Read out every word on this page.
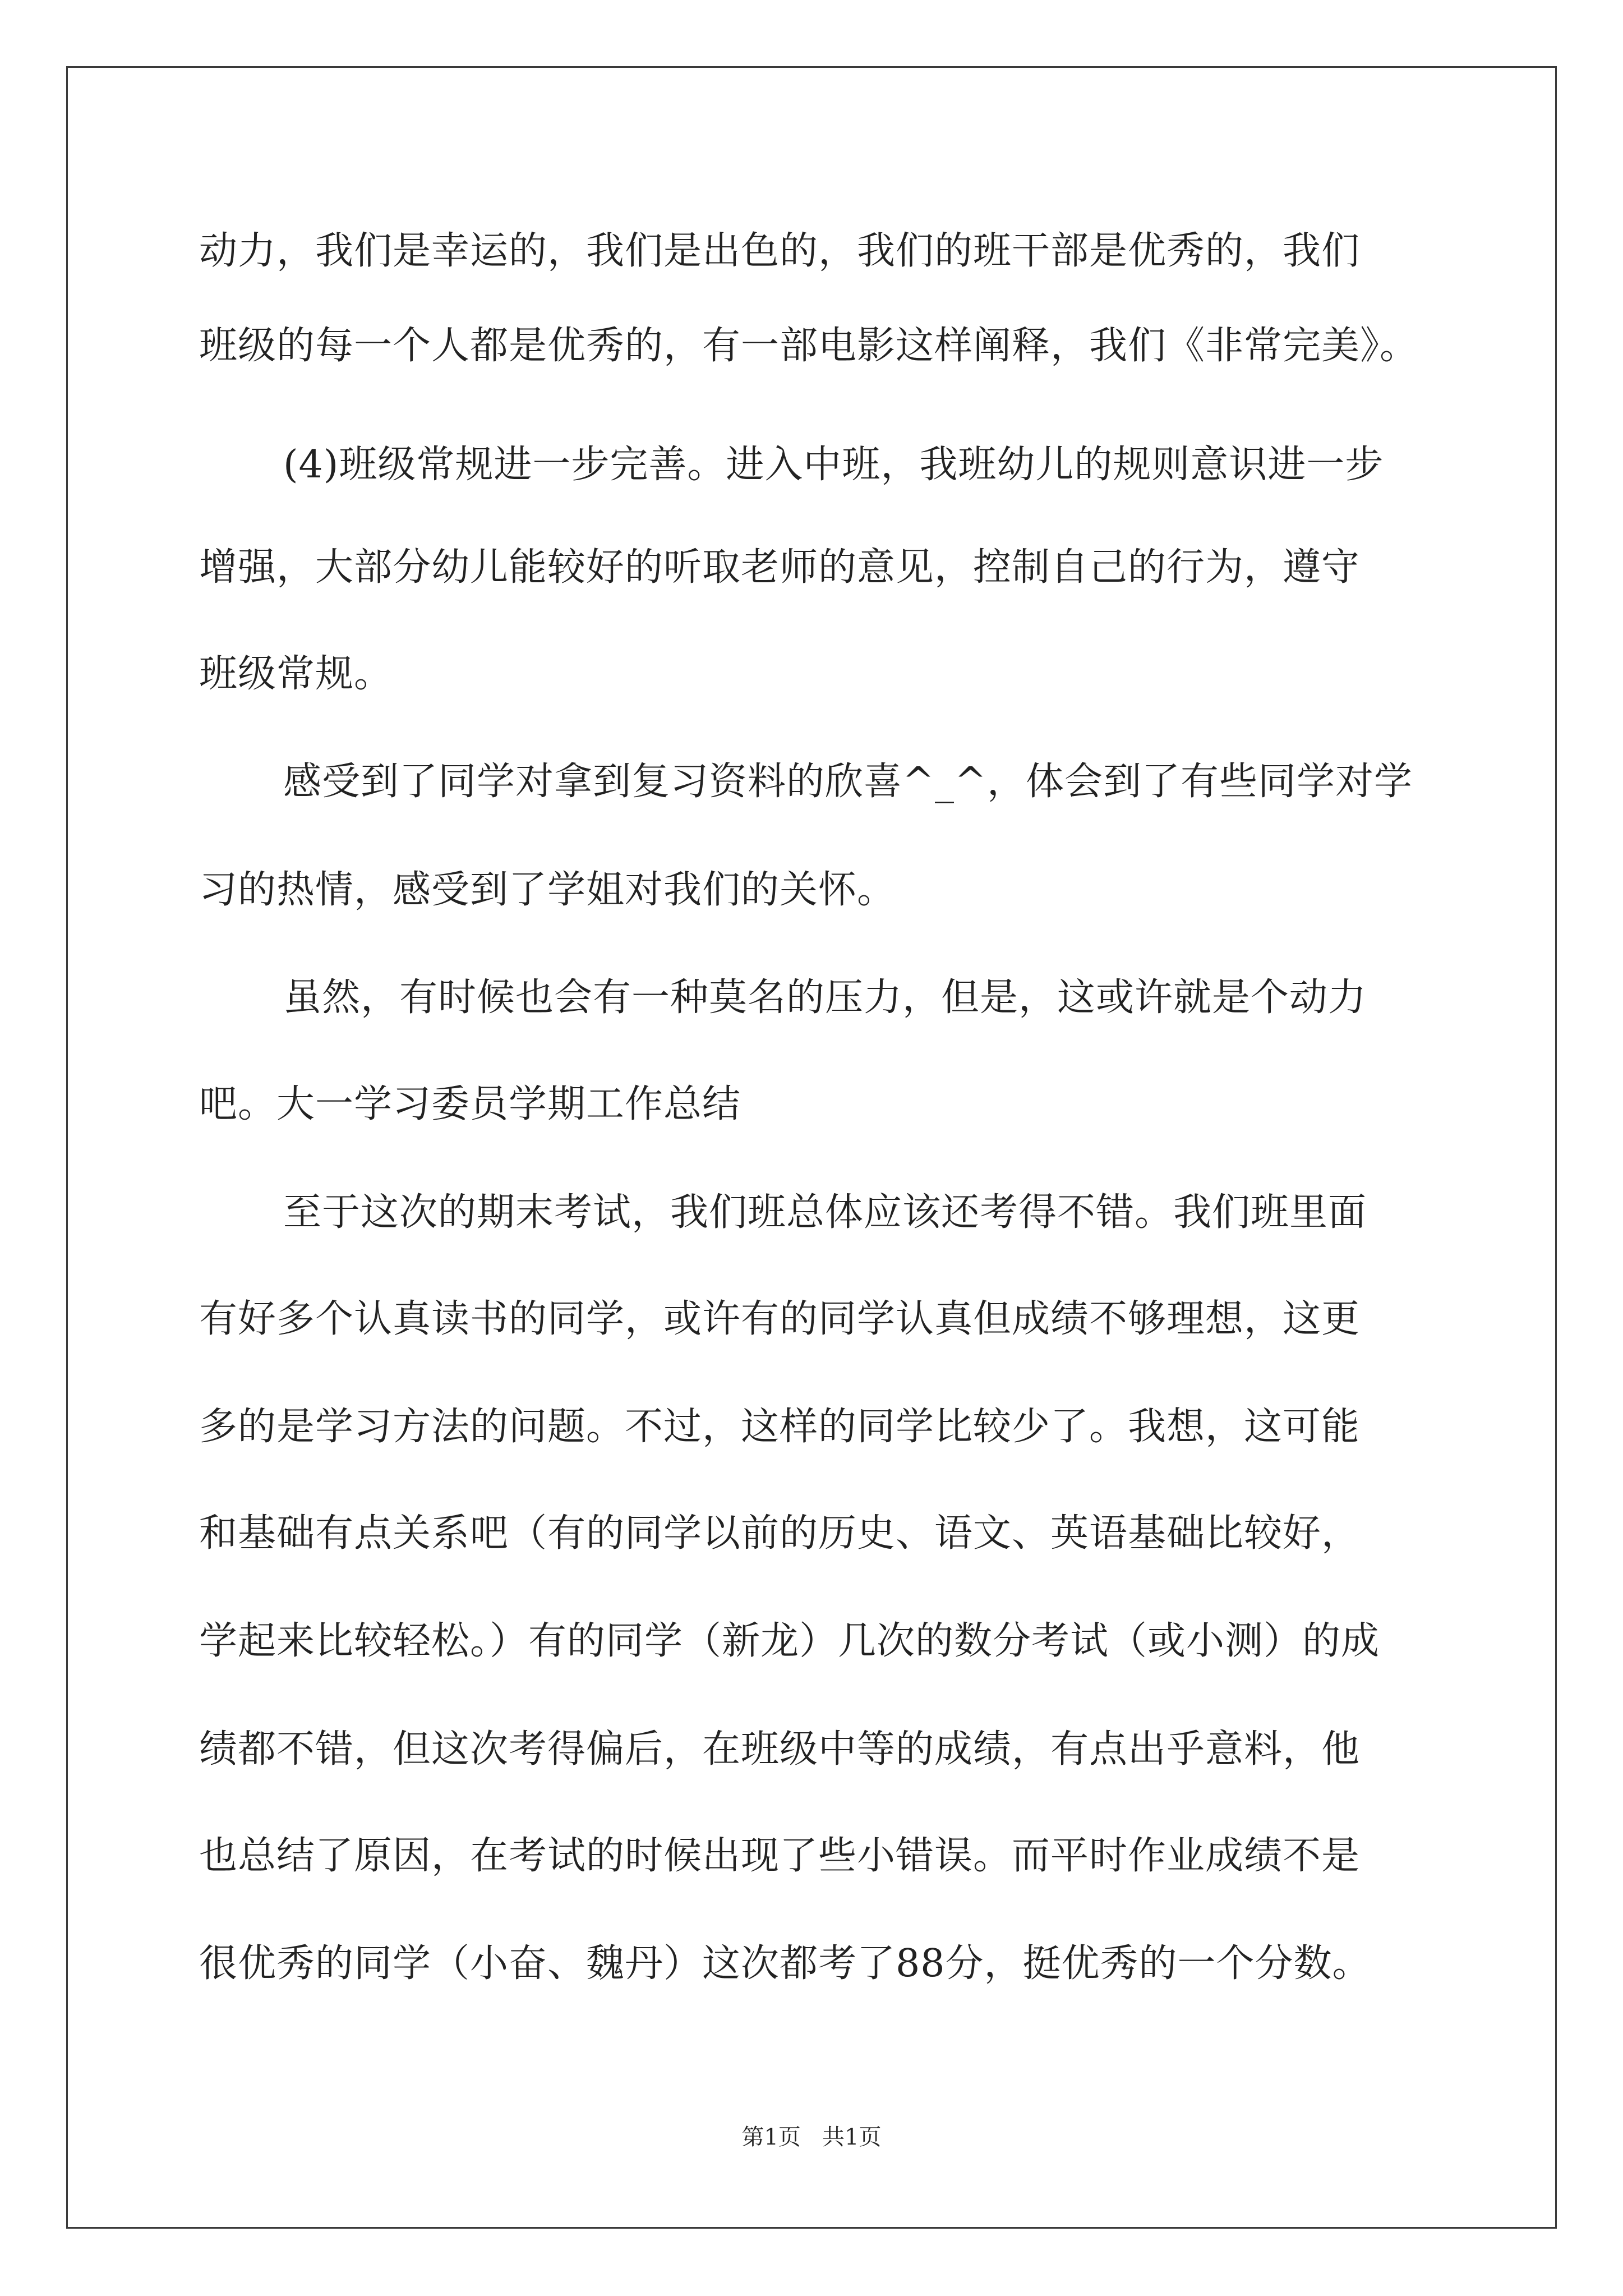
动力，我们是幸运的，我们是出色的，我们的班干部是优秀的，我们
班级的每一个人都是优秀的，有一部电影这样阐释，我们《非常完美》。
(4)班级常规进一步完善。进入中班，我班幼儿的规则意识进一步
增强，大部分幼儿能较好的听取老师的意见，控制自己的行为，遵守
班级常规。
感受到了同学对拿到复习资料的欣喜^_^，体会到了有些同学对学
习的热情，感受到了学姐对我们的关怀。
虽然，有时候也会有一种莫名的压力，但是，这或许就是个动力
吧。大一学习委员学期工作总结
至于这次的期末考试，我们班总体应该还考得不错。我们班里面
有好多个认真读书的同学，或许有的同学认真但成绩不够理想，这更
多的是学习方法的问题。不过，这样的同学比较少了。我想，这可能
和基础有点关系吧（有的同学以前的历史、语文、英语基础比较好，
学起来比较轻松。）有的同学（新龙）几次的数分考试（或小测）的成
绩都不错，但这次考得偏后，在班级中等的成绩，有点出乎意料，他
也总结了原因，在考试的时候出现了些小错误。而平时作业成绩不是
很优秀的同学（小奋、魏丹）这次都考了88分，挺优秀的一个分数。
第1页   共1页
